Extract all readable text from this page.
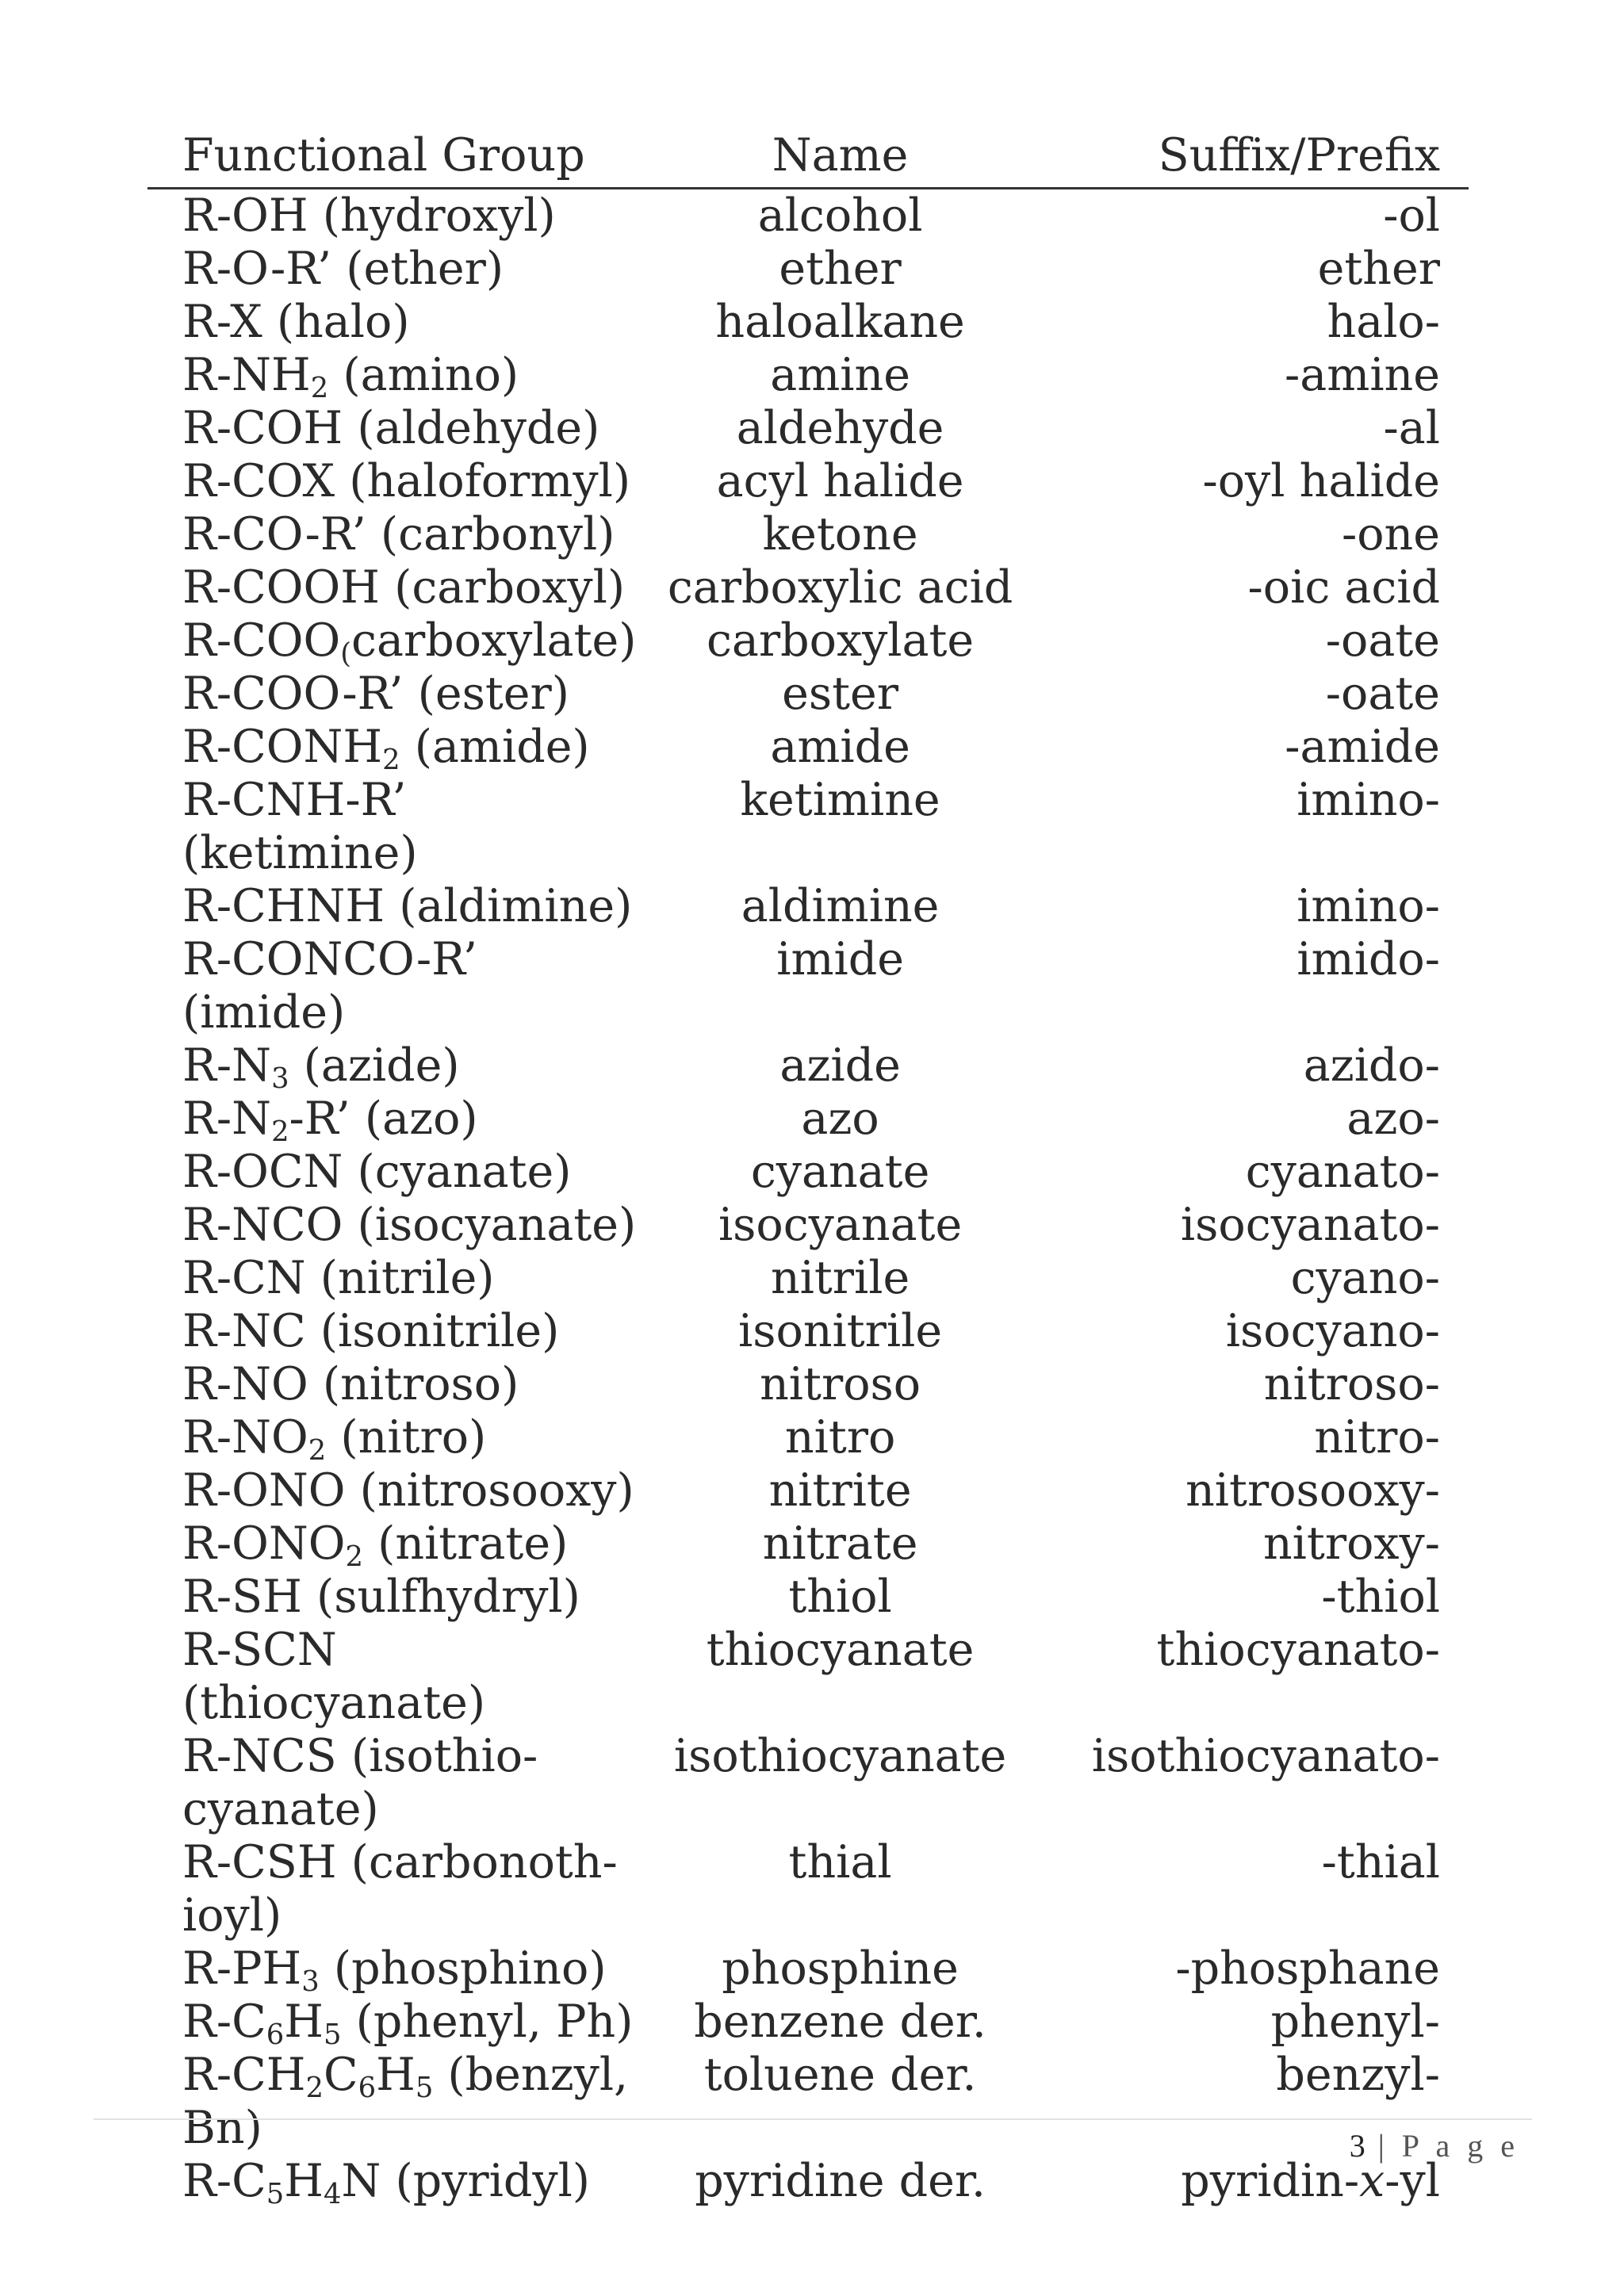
Functional Group	Name	Suffix/Prefix
R-OH (hydroxyl)	alcohol	-ol
R-O-R’ (ether)	ether	ether
R-X (halo)	haloalkane	halo-
$R-NH_2$ (amino)	amine	-amine
R-COH (aldehyde)	aldehyde	-al
R-COX (haloformyl)	acyl halide	-oyl halide
R-CO-R’ (carbonyl)	ketone	-one
R-COOH (carboxyl)	carboxylic acid	-oic acid
$R-COO_(carboxylate$)	carboxylate	-oate
R-COO-R’ (ester)	ester	-oate
$R-CONH_2$ (amide)	amide	-amide
R-CNH-R’ (ketimine)	ketimine	imino-
R-CHNH (aldimine)	aldimine	imino-

R-CONCO-R’
(imide)	imide	imido-
$R-N_3$ (azide)	azide	azido-
$R-N_2-R$’ (azo)	azo	azo-
R-OCN (cyanate)	cyanate	cyanato-
R-NCO (isocyanate)	isocyanate	isocyanato-
R-CN (nitrile)	nitrile	cyano-
R-NC (isonitrile)	isonitrile	isocyano-
R-NO (nitroso)	nitroso	nitroso-
$R-NO_2$ (nitro)	nitro	nitro-
R-ONO (nitrosooxy)	nitrite	nitrosooxy-
$R-ONO_2$ (nitrate)	nitrate	nitroxy-
R-SH (sulfhydryl)	thiol	-thiol
R-SCN (thiocyanate)	thiocyanate	thiocyanato-

R-NCS (isothio-
cyanate)	isothiocyanate	isothiocyanato-

R-CSH (carbonoth-
ioyl)	thial	-thial
$R-PH_3$ (phosphino)	phosphine	-phosphane
$R-C_6H_5$ (phenyl, Ph)	benzene der.	phenyl-
$R-CH_2C_6H_5$ (benzyl,
Bn)	toluene der.	benzyl-
$R-C_5H_4N$ (pyridyl)	pyridine der.	pyridin-x-yl
3 | P a g e
